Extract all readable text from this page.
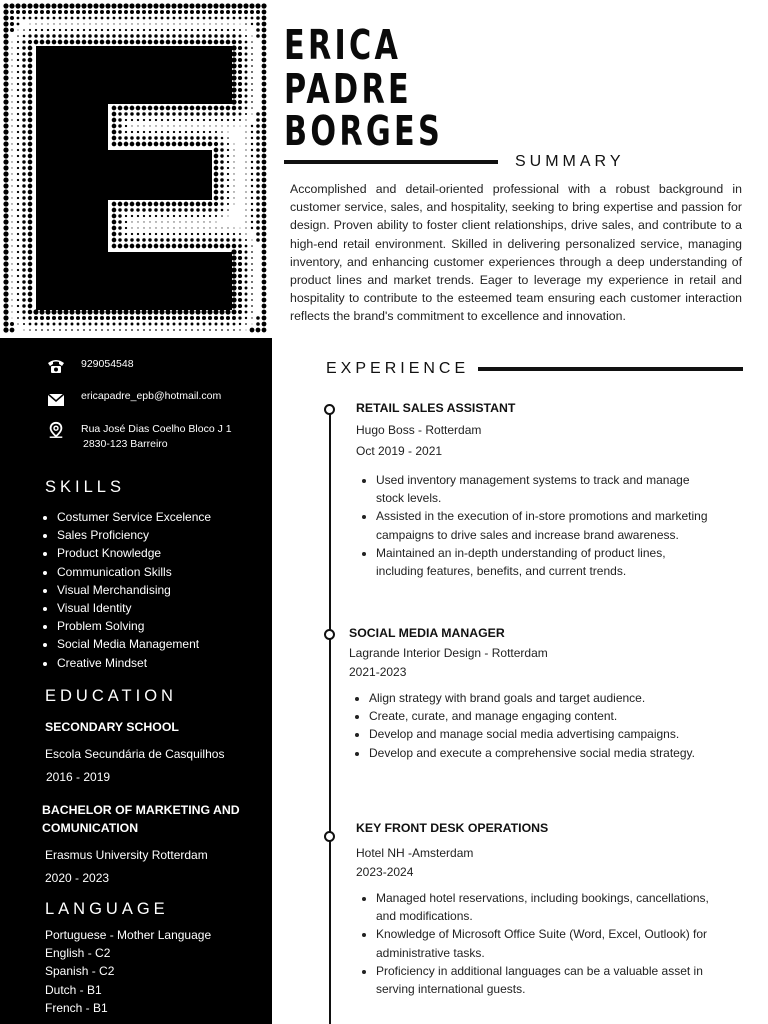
ERICA
PADRE
BORGES
SUMMARY
Accomplished and detail-oriented professional with a robust background in customer service, sales, and hospitality, seeking to bring expertise and passion for design. Proven ability to foster client relationships, drive sales, and contribute to a high-end retail environment. Skilled in delivering personalized service, managing inventory, and enhancing customer experiences through a deep understanding of product lines and market trends. Eager to leverage my experience in retail and hospitality to contribute to the esteemed team ensuring each customer interaction reflects the brand's commitment to excellence and innovation.
929054548
ericapadre_epb@hotmail.com
Rua José Dias Coelho Bloco J 1
2830-123 Barreiro
SKILLS
• Costumer Service Excelence
• Sales Proficiency
• Product Knowledge
• Communication Skills
• Visual Merchandising
• Visual Identity
• Problem Solving
• Social Media Management
• Creative Mindset
EDUCATION
SECONDARY SCHOOL
Escola Secundária de Casquilhos
2016 - 2019
BACHELOR OF MARKETING AND
COMUNICATION
Erasmus University Rotterdam
2020 - 2023
LANGUAGE
Portuguese - Mother Language
English - C2
Spanish - C2
Dutch - B1
French - B1
EXPERIENCE
RETAIL SALES ASSISTANT
Hugo Boss - Rotterdam
Oct 2019 - 2021
• Used inventory management systems to track and manage stock levels.
• Assisted in the execution of in-store promotions and marketing campaigns to drive sales and increase brand awareness.
• Maintained an in-depth understanding of product lines, including features, benefits, and current trends.
SOCIAL MEDIA MANAGER
Lagrande Interior Design - Rotterdam
2021-2023
• Align strategy with brand goals and target audience.
• Create, curate, and manage engaging content.
• Develop and manage social media advertising campaigns.
• Develop and execute a comprehensive social media strategy.
KEY FRONT DESK OPERATIONS
Hotel NH -Amsterdam
2023-2024
• Managed hotel reservations, including bookings, cancellations, and modifications.
• Knowledge of Microsoft Office Suite (Word, Excel, Outlook) for administrative tasks.
• Proficiency in additional languages can be a valuable asset in serving international guests.
